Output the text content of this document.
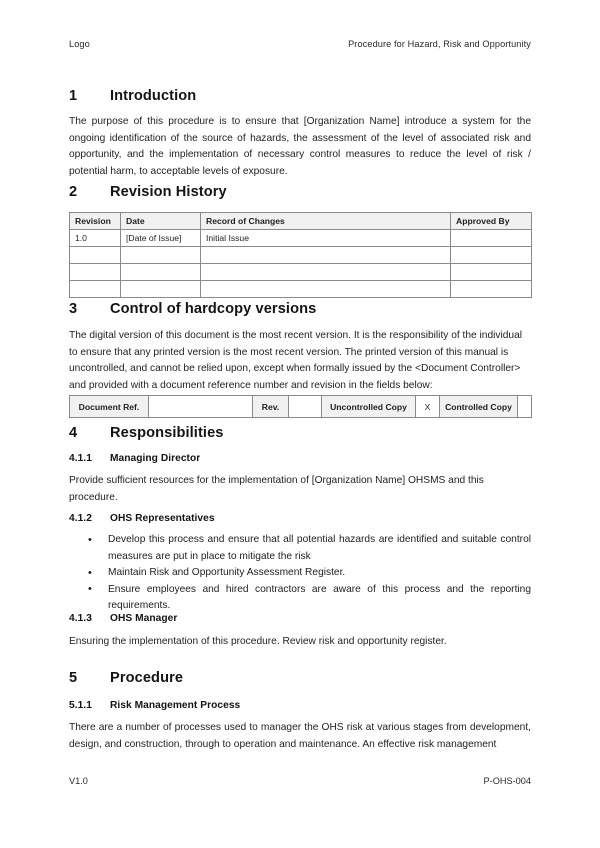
Logo	Procedure for Hazard, Risk and Opportunity
1	Introduction

The purpose of this procedure is to ensure that [Organization Name] introduce a system for the ongoing identification of the source of hazards, the assessment of the level of associated risk and opportunity, and the implementation of necessary control measures to reduce the level of risk / potential harm, to acceptable levels of exposure.

2	Revision History
Revision	Date	Record of Changes	Approved By
1.0	[Date of Issue]	Initial Issue	

3	Control of hardcopy versions

The digital version of this document is the most recent version. It is the responsibility of the individual to ensure that any printed version is the most recent version. The printed version of this manual is uncontrolled, and cannot be relied upon, except when formally issued by the <Document Controller> and provided with a document reference number and revision in the fields below:

Document Ref.		Rev.		Uncontrolled Copy	X	Controlled Copy	
4	Responsibilities
4.1.1	Managing Director

Provide sufficient resources for the implementation of [Organization Name] OHSMS and this procedure.

4.1.2	OHS Representatives
• Develop this process and ensure that all potential hazards are identified and suitable control measures are put in place to mitigate the risk
• Maintain Risk and Opportunity Assessment Register.
• Ensure employees and hired contractors are aware of this process and the reporting requirements.
4.1.3	OHS Manager

Ensuring the implementation of this procedure. Review risk and opportunity register.

5	Procedure
5.1.1	Risk Management Process

There are a number of processes used to manager the OHS risk at various stages from development, design, and construction, through to operation and maintenance. An effective risk management

V1.0	P-OHS-004
